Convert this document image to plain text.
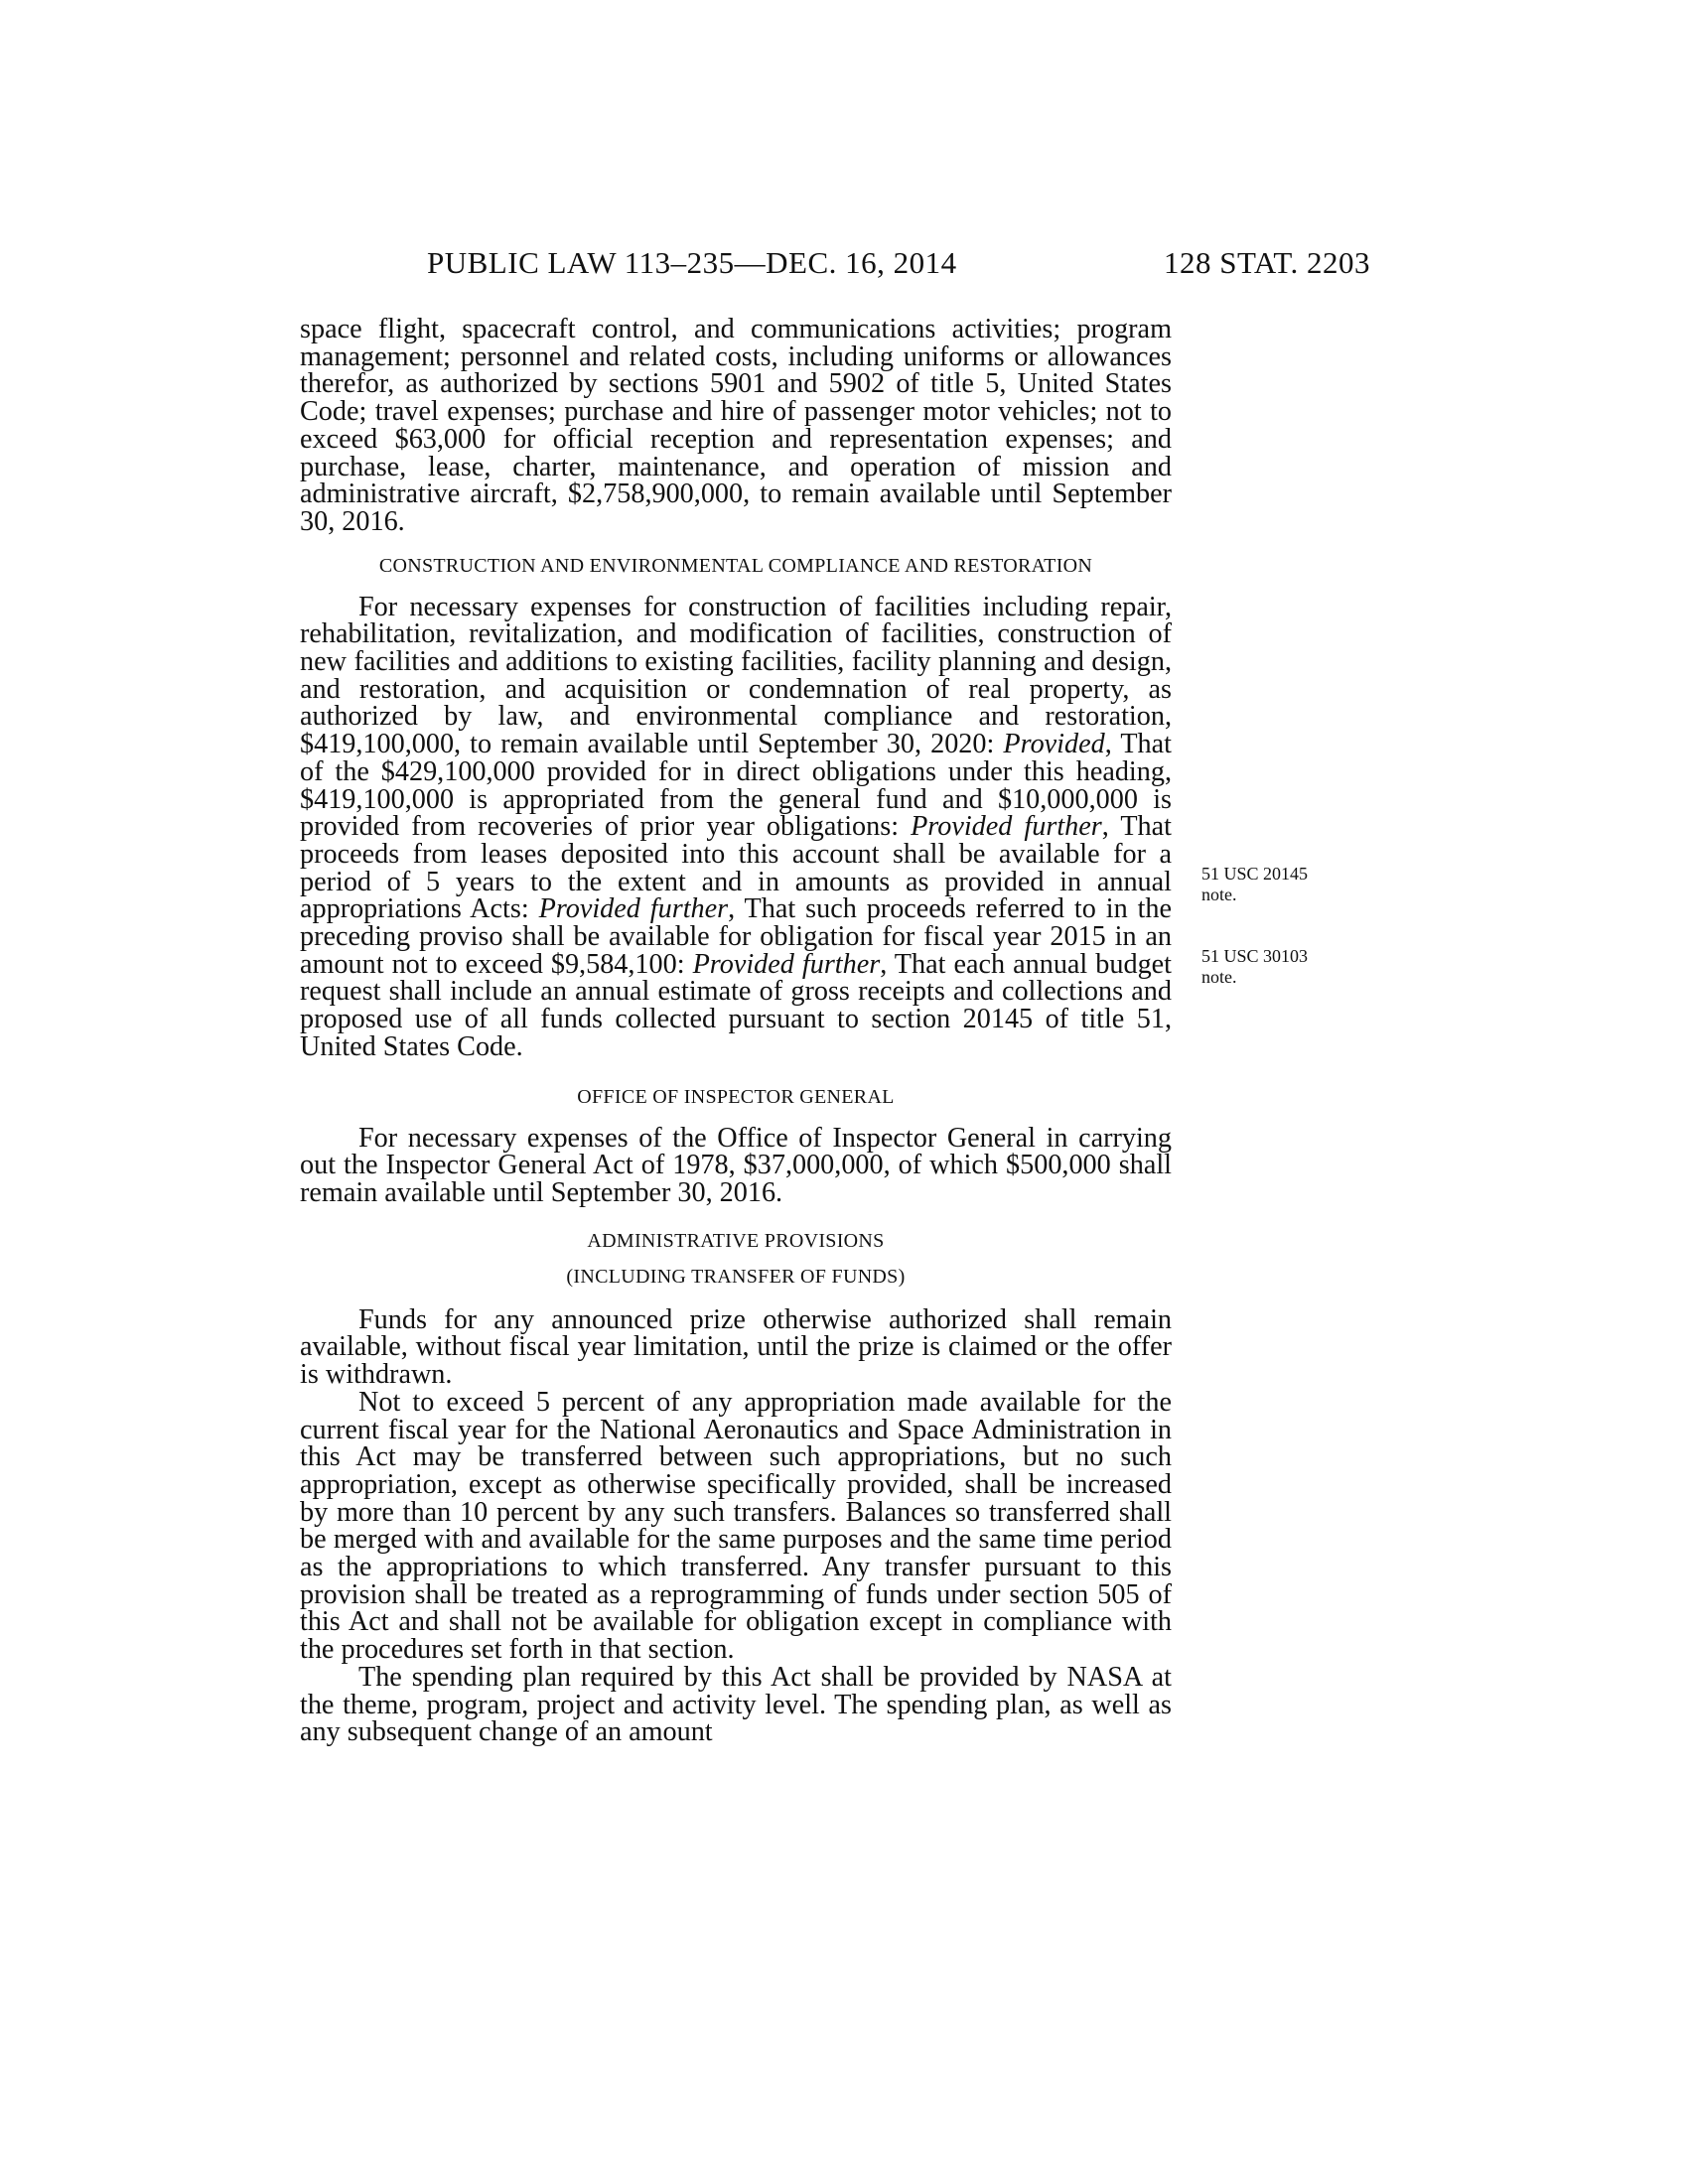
PUBLIC LAW 113–235—DEC. 16, 2014	128 STAT. 2203

space flight, spacecraft control, and communications activities; program management; personnel and related costs, including uniforms or allowances therefor, as authorized by sections 5901 and 5902 of title 5, United States Code; travel expenses; purchase and hire of passenger motor vehicles; not to exceed $63,000 for official reception and representation expenses; and purchase, lease, charter, maintenance, and operation of mission and administrative aircraft, $2,758,900,000, to remain available until September 30, 2016.

CONSTRUCTION AND ENVIRONMENTAL COMPLIANCE AND RESTORATION

For necessary expenses for construction of facilities including repair, rehabilitation, revitalization, and modification of facilities, construction of new facilities and additions to existing facilities, facility planning and design, and restoration, and acquisition or condemnation of real property, as authorized by law, and environmental compliance and restoration, $419,100,000, to remain available until September 30, 2020: Provided, That of the $429,100,000 provided for in direct obligations under this heading, $419,100,000 is appropriated from the general fund and $10,000,000 is provided from recoveries of prior year obligations: Provided further, That proceeds from leases deposited into this account shall be available for a period of 5 years to the extent and in amounts as provided in annual appropriations Acts: Provided further, That such proceeds referred to in the preceding proviso shall be available for obligation for fiscal year 2015 in an amount not to exceed $9,584,100: Provided further, That each annual budget request shall include an annual estimate of gross receipts and collections and proposed use of all funds collected pursuant to section 20145 of title 51, United States Code.

OFFICE OF INSPECTOR GENERAL

For necessary expenses of the Office of Inspector General in carrying out the Inspector General Act of 1978, $37,000,000, of which $500,000 shall remain available until September 30, 2016.

ADMINISTRATIVE PROVISIONS
(INCLUDING TRANSFER OF FUNDS)

Funds for any announced prize otherwise authorized shall remain available, without fiscal year limitation, until the prize is claimed or the offer is withdrawn.

Not to exceed 5 percent of any appropriation made available for the current fiscal year for the National Aeronautics and Space Administration in this Act may be transferred between such appropriations, but no such appropriation, except as otherwise specifically provided, shall be increased by more than 10 percent by any such transfers. Balances so transferred shall be merged with and available for the same purposes and the same time period as the appropriations to which transferred. Any transfer pursuant to this provision shall be treated as a reprogramming of funds under section 505 of this Act and shall not be available for obligation except in compliance with the procedures set forth in that section.

The spending plan required by this Act shall be provided by NASA at the theme, program, project and activity level. The spending plan, as well as any subsequent change of an amount

51 USC 20145
note.
51 USC 30103
note.
